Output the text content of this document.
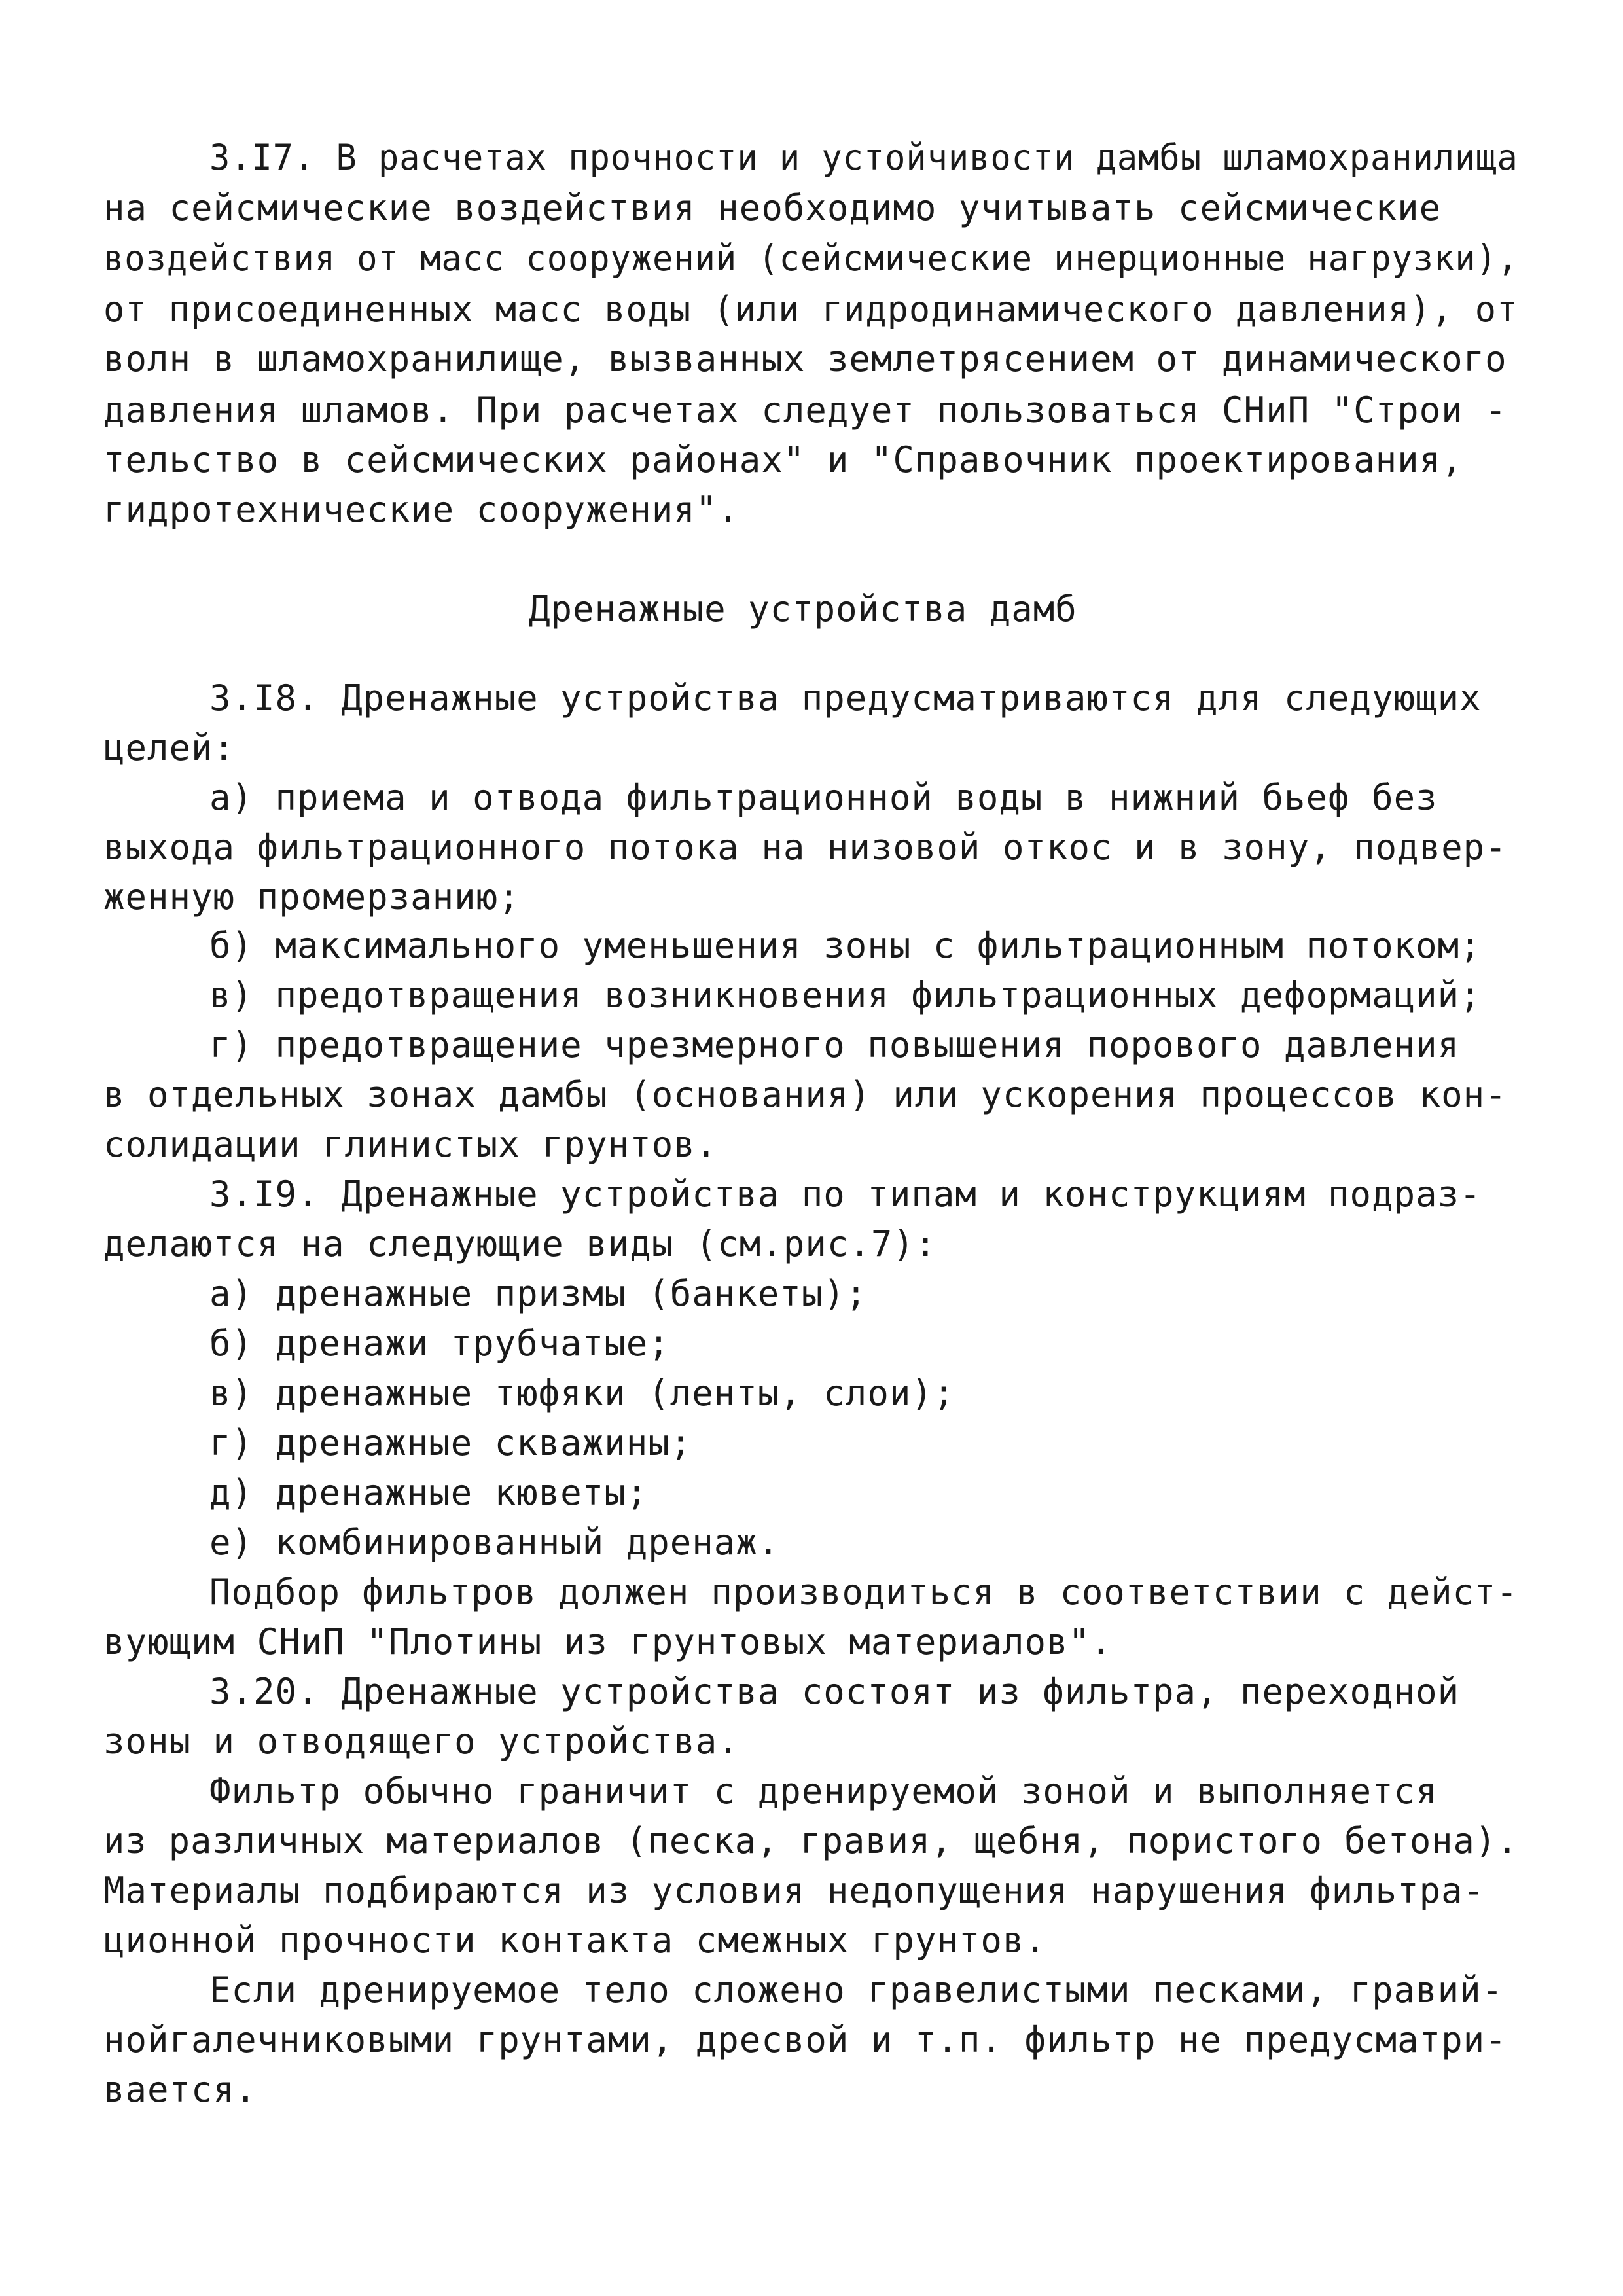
3.I7. В расчетах прочности и устойчивости дамбы шламохранилища
на сейсмические воздействия необходимо учитывать сейсмические
воздействия от масс сооружений (сейсмические инерционные нагрузки),
от присоединенных масс воды (или гидродинамического давления), от
волн в шламохранилище, вызванных землетрясением от динамического
давления шламов. При расчетах следует пользоваться СНиП "Строи -
тельство в сейсмических районах" и "Справочник проектирования,
гидротехнические сооружения".
Дренажные устройства дамб
3.I8. Дренажные устройства предусматриваются для следующих
целей:
а) приема и отвода фильтрационной воды в нижний бьеф без
выхода фильтрационного потока на низовой откос и в зону, подвер-
женную промерзанию;
б) максимального уменьшения зоны с фильтрационным потоком;
в) предотвращения возникновения фильтрационных деформаций;
г) предотвращение чрезмерного повышения порового давления
в отдельных зонах дамбы (основания) или ускорения процессов кон-
солидации глинистых грунтов.
3.I9. Дренажные устройства по типам и конструкциям подраз-
делаются на следующие виды (см.рис.7):
а) дренажные призмы (банкеты);
б) дренажи трубчатые;
в) дренажные тюфяки (ленты, слои);
г) дренажные скважины;
д) дренажные кюветы;
е) комбинированный дренаж.
Подбор фильтров должен производиться в соответствии с дейст-
вующим СНиП "Плотины из грунтовых материалов".
3.20. Дренажные устройства состоят из фильтра, переходной
зоны и отводящего устройства.
Фильтр обычно граничит с дренируемой зоной и выполняется
из различных материалов (песка, гравия, щебня, пористого бетона).
Материалы подбираются из условия недопущения нарушения фильтра-
ционной прочности контакта смежных грунтов.
Если дренируемое тело сложено гравелистыми песками, гравий-
нойгалечниковыми грунтами, дресвой и т.п. фильтр не предусматри-
вается.
